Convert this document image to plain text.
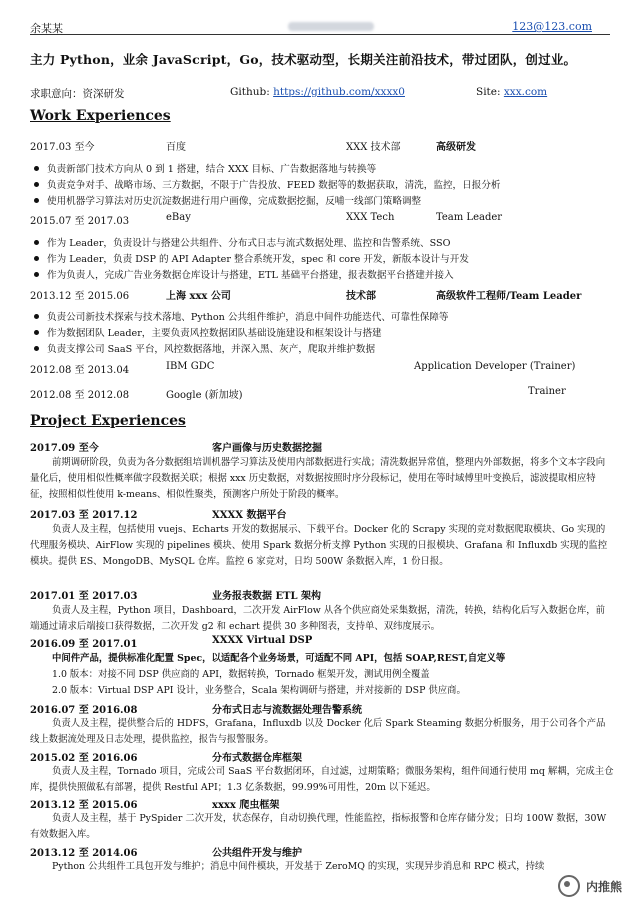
余某某	123@123.com
主力 Python，业余 JavaScript，Go，技术驱动型，长期关注前沿技术，带过团队，创过业。
求职意向：资深研发	Github: https://github.com/xxxx0	Site: xxx.com
Work Experiences
2017.03 至今	百度	XXX 技术部	高级研发
负责新部门技术方向从 0 到 1 搭建，结合 XXX 目标、广告数据落地与转换等
负责竞争对手、战略市场、三方数据，不限于广告投放、FEED 数据等的数据获取，清洗，监控，日报分析
使用机器学习算法对历史沉淀数据进行用户画像，完成数据挖掘，反哺一线部门策略调整
2015.07 至 2017.03	eBay	XXX Tech	Team Leader
作为 Leader，负责设计与搭建公共组件、分布式日志与流式数据处理、监控和告警系统、SSO
作为 Leader，负责 DSP 的 API Adapter 整合系统开发，spec 和 core 开发，新版本设计与开发
作为负责人，完成广告业务数据仓库设计与搭建，ETL 基础平台搭建，报表数据平台搭建并接入
2013.12 至 2015.06	上海 xxx 公司	技术部	高级软件工程师/Team Leader
负责公司新技术探索与技术落地、Python 公共组件维护，消息中间件功能迭代、可靠性保障等
作为数据团队 Leader，主要负责风控数据团队基础设施建设和框架设计与搭建
负责支撑公司 SaaS 平台，风控数据落地，并深入黑、灰产，爬取并维护数据
2012.08 至 2013.04	IBM GDC	Application Developer (Trainer)
2012.08 至 2012.08	Google (新加坡)	Trainer
Project Experiences
2017.09 至今	客户画像与历史数据挖掘
前期调研阶段，负责为各分数据组培训机器学习算法及使用内部数据进行实战；清洗数据异常值，整理内外部数据，将多个文本字段向量化后，使用相似性概率做字段数据关联；根据 xxx 历史数据，对数据按照时序分段标记，使用在等时域傅里叶变换后，滤波提取相应特征，按照相似性使用 k-means、相似性聚类，预测客户所处于阶段的概率。
2017.03 至 2017.12	XXXX 数据平台
负责人及主程，包括使用 vuejs、Echarts 开发的数据展示、下载平台。Docker 化的 Scrapy 实现的竞对数据爬取模块、Go 实现的代理服务模块、AirFlow 实现的 pipelines 模块、使用 Spark 数据分析支撑 Python 实现的日报模块、Grafana 和 Influxdb 实现的监控模块。提供 ES、MongoDB、MySQL 仓库。监控 6 家竞对，日均 500W 条数据入库，1 份日报。
2017.01 至 2017.03	业务报表数据 ETL 架构
负责人及主程，Python 项目，Dashboard，二次开发 AirFlow 从各个供应商处采集数据，清洗，转换，结构化后写入数据仓库，前端通过请求后端接口获得数据，二次开发 g2 和 echart 提供 30 多种图表，支持单、双纬度展示。
2016.09 至 2017.01	XXXX Virtual DSP
中间件产品，提供标准化配置 Spec，以适配各个业务场景，可适配不同 API，包括 SOAP,REST,自定义等
1.0 版本：对接不同 DSP 供应商的 API，数据转换，Tornado 框架开发，测试用例全覆盖
2.0 版本：Virtual DSP API 设计，业务整合，Scala 架构调研与搭建，并对接新的 DSP 供应商。
2016.07 至 2016.08	分布式日志与流数据处理告警系统
负责人及主程，提供整合后的 HDFS，Grafana，Influxdb 以及 Docker 化后 Spark Steaming 数据分析服务，用于公司各个产品线上数据流处理及日志处理，提供监控，报告与报警服务。
2015.02 至 2016.06	分布式数据仓库框架
负责人及主程，Tornado 项目，完成公司 SaaS 平台数据闭环，自过滤，过期策略；微服务架构，组件间通行使用 mq 解耦，完成主仓库，提供快照做私有部署，提供 Restful API；1.3 亿条数据，99.99%可用性，20m 以下延迟。
2013.12 至 2015.06	xxxx 爬虫框架
负责人及主程，基于 PySpider 二次开发，状态保存，自动切换代理，性能监控，指标报警和仓库存储分发；日均 100W 数据，30W 有效数据入库。
2013.12 至 2014.06	公共组件开发与维护
Python 公共组件工具包开发与维护；消息中间件模块，开发基于 ZeroMQ 的实现，实现异步消息和 RPC 模式，持续
内推熊
